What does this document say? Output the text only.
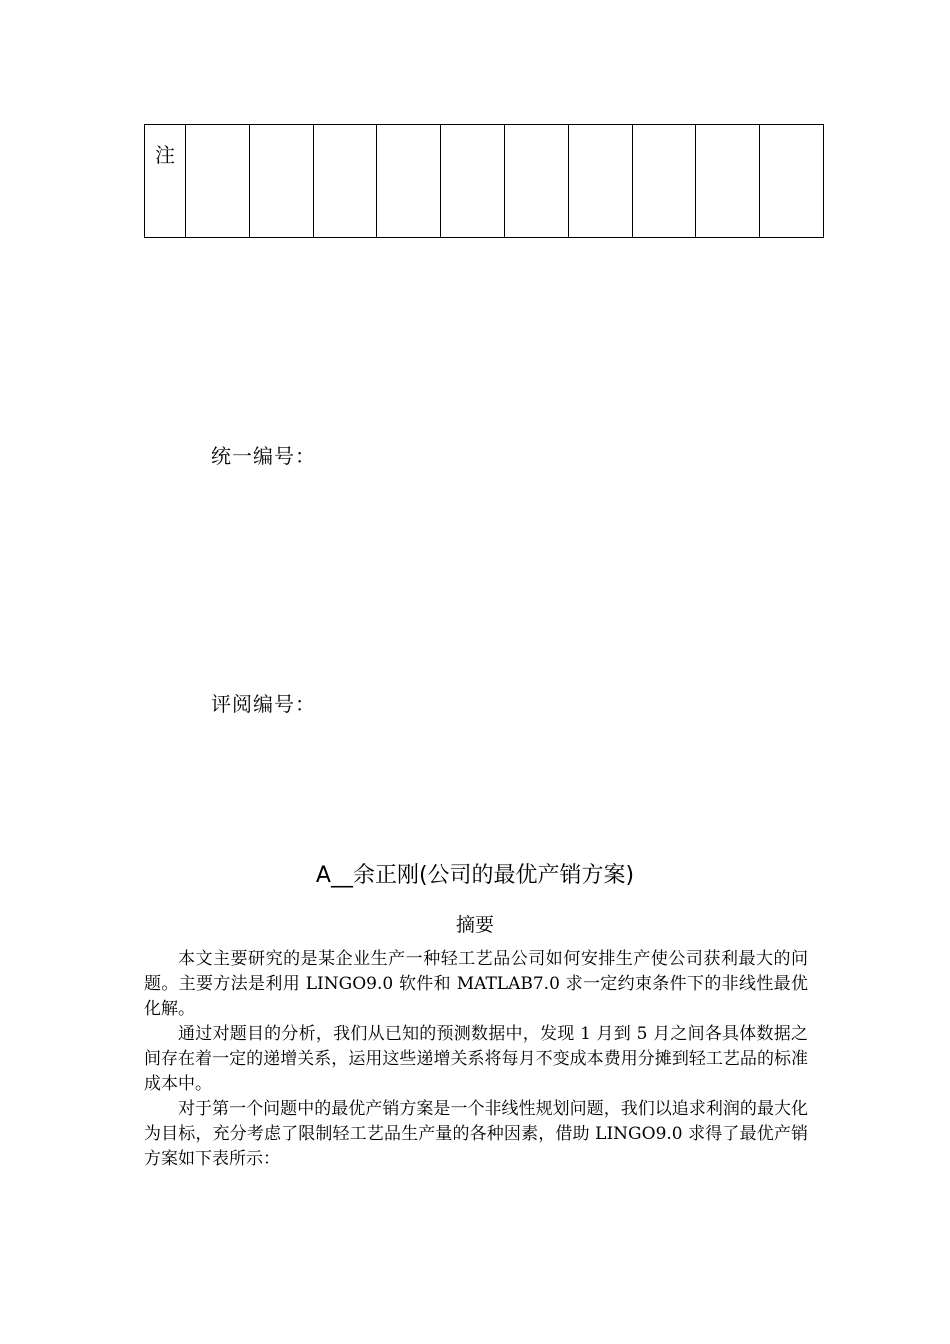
注										
统一编号：
评阅编号：
A__余正刚(公司的最优产销方案)
摘要

本文主要研究的是某企业生产一种轻工艺品公司如何安排生产使公司获利最大的问题。主要方法是利用 LINGO9.0 软件和 MATLAB7.0 求一定约束条件下的非线性最优化解。

通过对题目的分析，我们从已知的预测数据中，发现 1 月到 5 月之间各具体数据之间存在着一定的递增关系，运用这些递增关系将每月不变成本费用分摊到轻工艺品的标准成本中。

对于第一个问题中的最优产销方案是一个非线性规划问题，我们以追求利润的最大化为目标，充分考虑了限制轻工艺品生产量的各种因素，借助 LINGO9.0 求得了最优产销方案如下表所示：
